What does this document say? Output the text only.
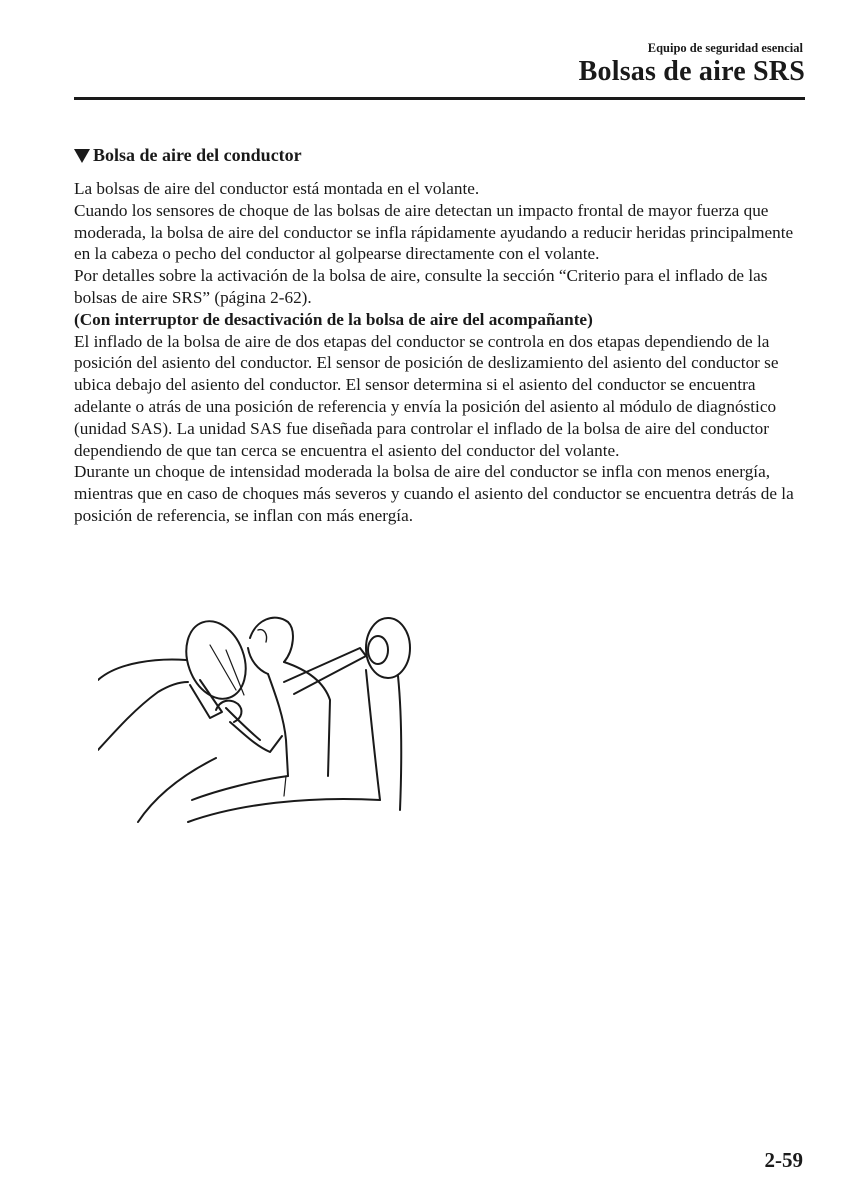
Equipo de seguridad esencial
Bolsas de aire SRS
Bolsa de aire del conductor

La bolsas de aire del conductor está montada en el volante.

Cuando los sensores de choque de las bolsas de aire detectan un impacto frontal de mayor fuerza que moderada, la bolsa de aire del conductor se infla rápidamente ayudando a reducir heridas principalmente en la cabeza o pecho del conductor al golpearse directamente con el volante.

Por detalles sobre la activación de la bolsa de aire, consulte la sección “Criterio para el inflado de las bolsas de aire SRS” (página 2-62).

(Con interruptor de desactivación de la bolsa de aire del acompañante)

El inflado de la bolsa de aire de dos etapas del conductor se controla en dos etapas dependiendo de la posición del asiento del conductor. El sensor de posición de deslizamiento del asiento del conductor se ubica debajo del asiento del conductor. El sensor determina si el asiento del conductor se encuentra adelante o atrás de una posición de referencia y envía la posición del asiento al módulo de diagnóstico (unidad SAS). La unidad SAS fue diseñada para controlar el inflado de la bolsa de aire del conductor dependiendo de que tan cerca se encuentra el asiento del conductor del volante.

Durante un choque de intensidad moderada la bolsa de aire del conductor se infla con menos energía, mientras que en caso de choques más severos y cuando el asiento del conductor se encuentra detrás de la posición de referencia, se inflan con más energía.

2-59
